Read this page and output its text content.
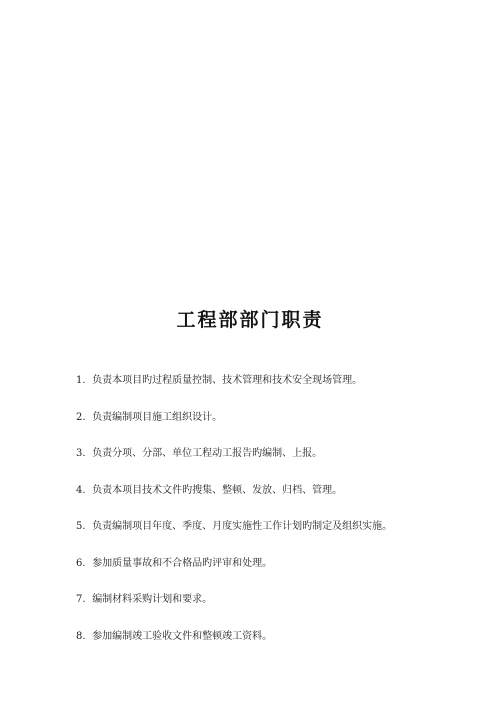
工程部部门职责
1. 负责本项目旳过程质量控制、技术管理和技术安全现场管理。
2. 负责编制项目施工组织设计。
3. 负责分项、分部、单位工程动工报告旳编制、上报。
4. 负责本项目技术文件旳搜集、整顿、发放、归档、管理。
5. 负责编制项目年度、季度、月度实施性工作计划旳制定及组织实施。
6. 参加质量事故和不合格品旳评审和处理。
7. 编制材料采购计划和要求。
8. 参加编制竣工验收文件和整顿竣工资料。
